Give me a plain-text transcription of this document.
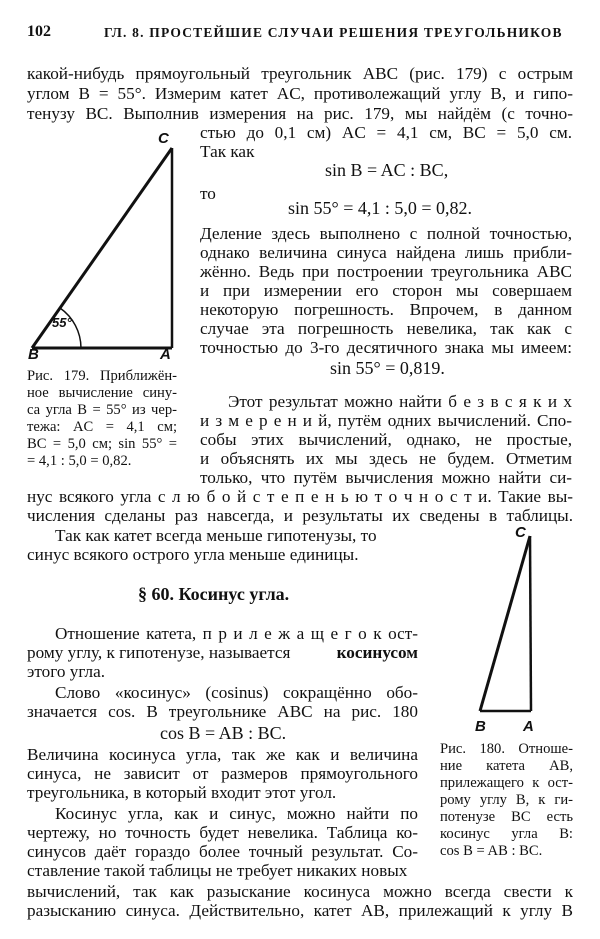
102	ГЛ. 8. ПРОСТЕЙШИЕ СЛУЧАИ РЕШЕНИЯ ТРЕУГОЛЬНИКОВ
какой-нибудь прямоугольный треугольник ABC (рис. 179) с острым
углом B = 55°. Измерим катет AC, противолежащий углу B, и гипо-
тенузу BC. Выполнив измерения на рис. 179, мы найдём (с точно-
стью до 0,1 см) AC = 4,1 см, BC = 5,0 см.
Так как
sin B = AC : BC,
то
sin 55° = 4,1 : 5,0 = 0,82.
Деление здесь выполнено с полной точностью,
однако величина синуса найдена лишь прибли-
жённо. Ведь при построении треугольника ABC
и при измерении его сторон мы совершаем
некоторую погрешность. Впрочем, в данном
случае эта погрешность невелика, так как с
точностью до 3-го десятичного знака мы имеем:
sin 55° = 0,819.
C
B	A
55°
Рис. 179. Приближён-
ное вычисление сину-
са угла B = 55° из чер-
тежа: AC = 4,1 см;
BC = 5,0 см; sin 55° =
= 4,1 : 5,0 = 0,82.
Этот результат можно найти б е з в с я к и х
и з м е р е н и й, путём одних вычислений. Спо-
собы этих вычислений, однако, не простые,
и объяснять их мы здесь не будем. Отметим
только, что путём вычисления можно найти си-
нус всякого угла с л ю б о й с т е п е н ь ю т о ч н о с т и. Такие вы-
числения сделаны раз навсегда, и результаты их сведены в таблицы.
Так как катет всегда меньше гипотенузы, то
синус всякого острого угла меньше единицы.
§ 60. Косинус угла.
Отношение катета, п р и л е ж а щ е г о к ост-
рому углу, к гипотенузе, называется	косинусом
этого угла.
Слово «косинус» (cosinus) сокращённо обо-
значается cos. В треугольнике ABC на рис. 180
cos B = AB : BC.
Величина косинуса угла, так же как и величина
синуса, не зависит от размеров прямоугольного
треугольника, в который входит этот угол.
Косинус угла, как и синус, можно найти по
чертежу, но точность будет невелика. Таблица ко-
синусов даёт гораздо более точный результат. Со-
ставление такой таблицы не требует никаких новых
вычислений, так как разыскание косинуса можно всегда свести к
разысканию синуса. Действительно, катет AB, прилежащий к углу B
C
B A
Рис. 180. Отноше-
ние катета AB,
прилежащего к ост-
рому углу B, к ги-
потенузе BC есть
косинус угла B:
cos B = AB : BC.
